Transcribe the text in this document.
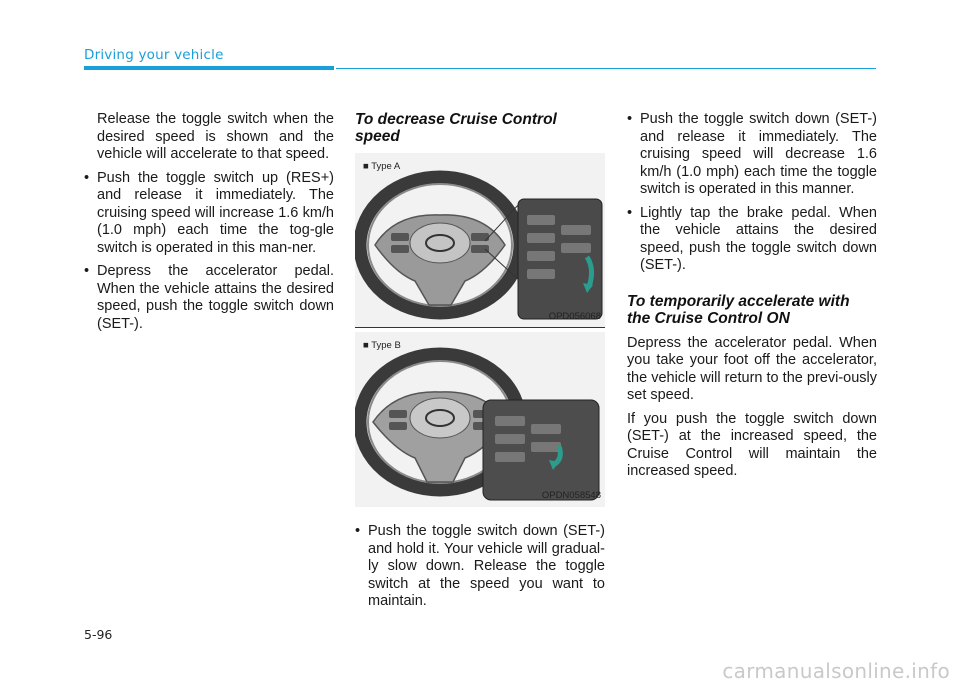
Driving your vehicle

Release the toggle switch when the desired speed is shown and the vehicle will accelerate to that speed.

• Push the toggle switch up (RES+) and release it immediately. The cruising speed will increase 1.6 km/h (1.0 mph) each time the tog-gle switch is operated in this man-ner.
• Depress the accelerator pedal. When the vehicle attains the desired speed, push the toggle switch down (SET-).
To decrease Cruise Control speed
■ Type A
OPD056068
■ Type B
OPDN058548
• Push the toggle switch down (SET-) and hold it. Your vehicle will gradual-ly slow down. Release the toggle switch at the speed you want to maintain.
• Push the toggle switch down (SET-) and release it immediately. The cruising speed will decrease 1.6 km/h (1.0 mph) each time the toggle switch is operated in this manner.
• Lightly tap the brake pedal. When the vehicle attains the desired speed, push the toggle switch down (SET-).
To temporarily accelerate with the Cruise Control ON

Depress the accelerator pedal. When you take your foot off the accelerator, the vehicle will return to the previ-ously set speed.

If you push the toggle switch down (SET-) at the increased speed, the Cruise Control will maintain the increased speed.

5-96
carmanualsonline.info
